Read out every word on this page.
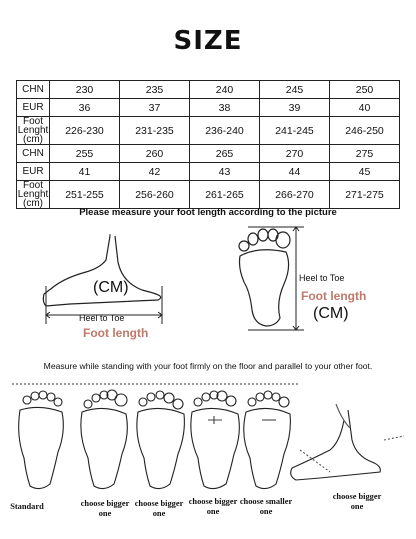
SIZE
CHN	230	235	240	245	250
EUR	36	37	38	39	40
Foot Lenght (cm)	226-230	231-235	236-240	241-245	246-250
CHN	255	260	265	270	275
EUR	41	42	43	44	45
Foot Lenght (cm)	251-255	256-260	261-265	266-270	271-275
Please measure your foot length according to the picture
(CM)
Heel to Toe
Foot length
Heel to Toe
Foot length
(CM)
Measure while standing with your foot firmly on the floor and parallel to your other foot.
Standard	choose bigger one
choose bigger one
choose bigger one
choose smaller one
choose bigger one
